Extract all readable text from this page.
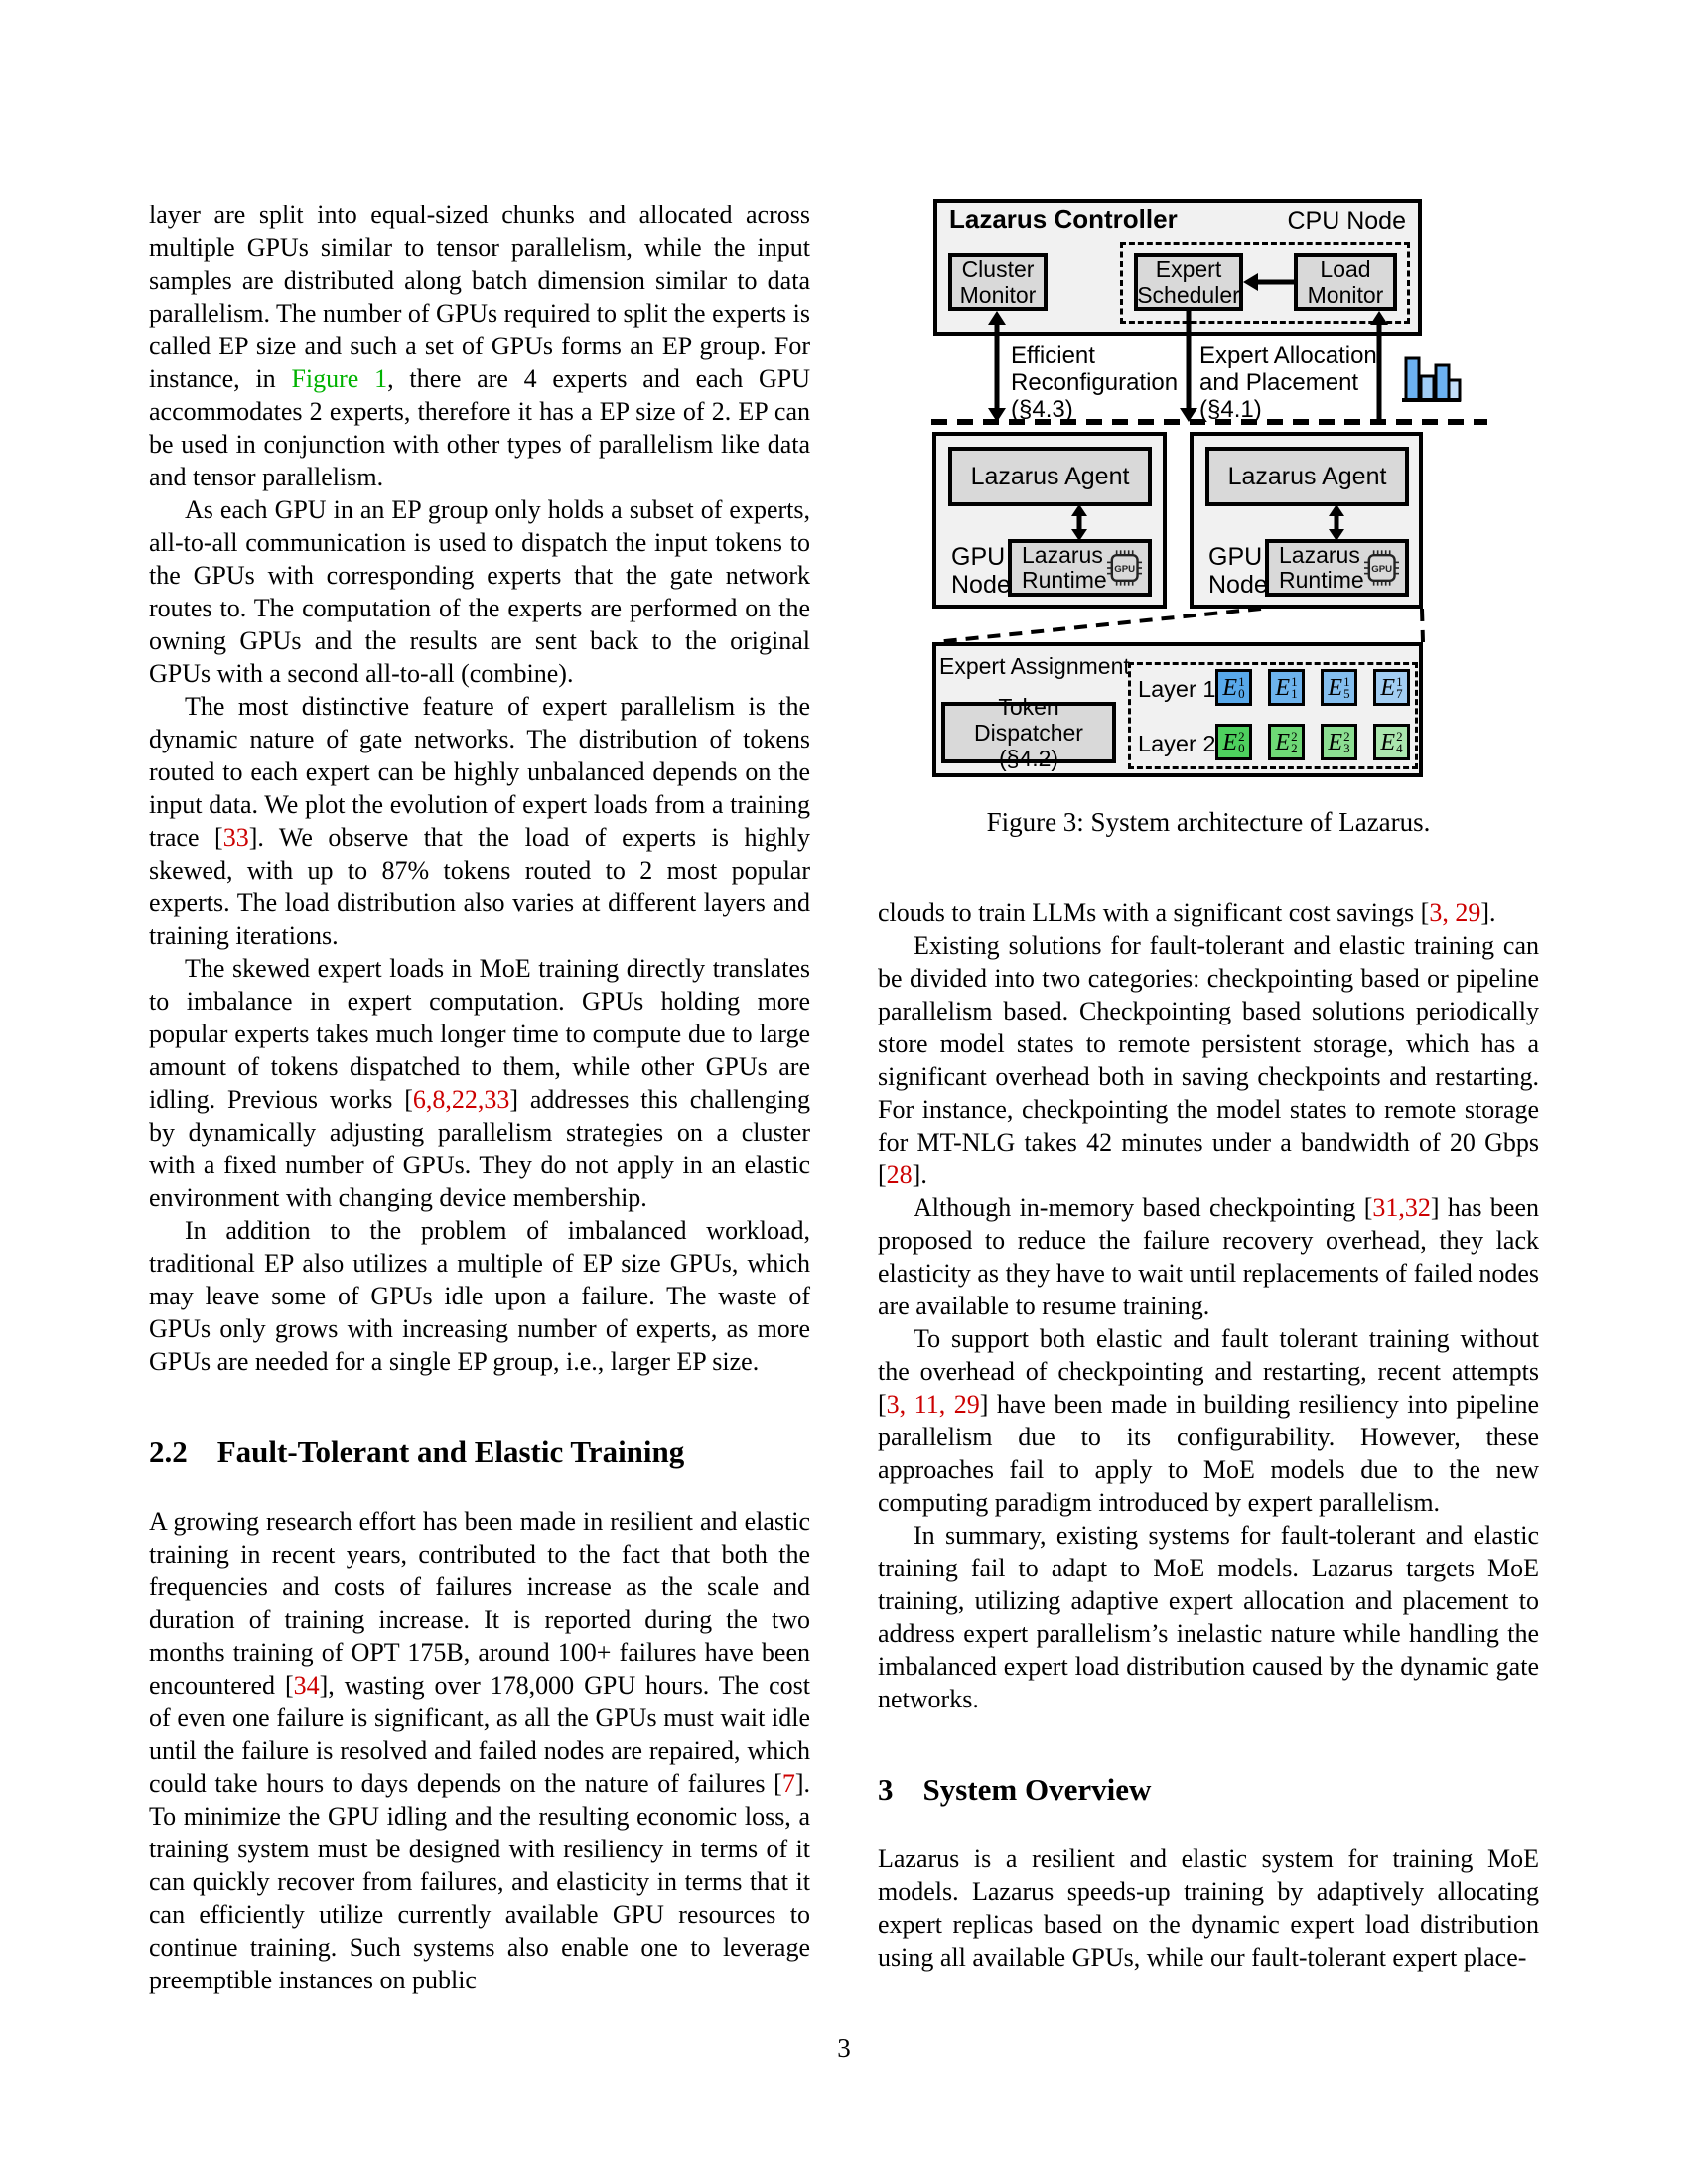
Lazarus Controller	CPU Node
Cluster
Monitor
Expert
Scheduler
Load
Monitor
Efficient
Reconfiguration
(§4.3)
Expert Allocation
and Placement
(§4.1)
Lazarus Agent
GPU
Node
Lazarus
Runtime GPU
Lazarus Agent
GPU
Node
Lazarus
Runtime GPU
Expert Assignment
Token Dispatcher
(§4.2)
Layer 1
Layer 2
E 1
0 E 1
1 E 1
5 E 1
7
E 2
0 E 2
2 E 2
3 E 2
4
Figure 3: System architecture of Lazarus.

layer are split into equal-sized chunks and allocated across multiple GPUs similar to tensor parallelism, while the input samples are distributed along batch dimension similar to data parallelism. The number of GPUs required to split the experts is called EP size and such a set of GPUs forms an EP group. For instance, in Figure 1, there are 4 experts and each GPU accommodates 2 experts, therefore it has a EP size of 2. EP can be used in conjunction with other types of parallelism like data and tensor parallelism.

As each GPU in an EP group only holds a subset of experts, all-to-all communication is used to dispatch the input tokens to the GPUs with corresponding experts that the gate network routes to. The computation of the experts are performed on the owning GPUs and the results are sent back to the original GPUs with a second all-to-all (combine).

The most distinctive feature of expert parallelism is the dynamic nature of gate networks. The distribution of tokens routed to each expert can be highly unbalanced depends on the input data. We plot the evolution of expert loads from a training trace [33]. We observe that the load of experts is highly skewed, with up to 87% tokens routed to 2 most popular experts. The load distribution also varies at different layers and training iterations.

The skewed expert loads in MoE training directly translates to imbalance in expert computation. GPUs holding more popular experts takes much longer time to compute due to large amount of tokens dispatched to them, while other GPUs are idling. Previous works [6,8,22,33] addresses this challenging by dynamically adjusting parallelism strategies on a cluster with a fixed number of GPUs. They do not apply in an elastic environment with changing device membership.

In addition to the problem of imbalanced workload, traditional EP also utilizes a multiple of EP size GPUs, which may leave some of GPUs idle upon a failure. The waste of GPUs only grows with increasing number of experts, as more GPUs are needed for a single EP group, i.e., larger EP size.

2.2 Fault-Tolerant and Elastic Training

A growing research effort has been made in resilient and elastic training in recent years, contributed to the fact that both the frequencies and costs of failures increase as the scale and duration of training increase. It is reported during the two months training of OPT 175B, around 100+ failures have been encountered [34], wasting over 178,000 GPU hours. The cost of even one failure is significant, as all the GPUs must wait idle until the failure is resolved and failed nodes are repaired, which could take hours to days depends on the nature of failures [7]. To minimize the GPU idling and the resulting economic loss, a training system must be designed with resiliency in terms of it can quickly recover from failures, and elasticity in terms that it can efficiently utilize currently available GPU resources to continue training. Such systems also enable one to leverage preemptible instances on public

clouds to train LLMs with a significant cost savings [3, 29].

Existing solutions for fault-tolerant and elastic training can be divided into two categories: checkpointing based or pipeline parallelism based. Checkpointing based solutions periodically store model states to remote persistent storage, which has a significant overhead both in saving checkpoints and restarting. For instance, checkpointing the model states to remote storage for MT-NLG takes 42 minutes under a bandwidth of 20 Gbps [28].

Although in-memory based checkpointing [31,32] has been proposed to reduce the failure recovery overhead, they lack elasticity as they have to wait until replacements of failed nodes are available to resume training.

To support both elastic and fault tolerant training without the overhead of checkpointing and restarting, recent attempts [3, 11, 29] have been made in building resiliency into pipeline parallelism due to its configurability. However, these approaches fail to apply to MoE models due to the new computing paradigm introduced by expert parallelism.

In summary, existing systems for fault-tolerant and elastic training fail to adapt to MoE models. Lazarus targets MoE training, utilizing adaptive expert allocation and placement to address expert parallelism’s inelastic nature while handling the imbalanced expert load distribution caused by the dynamic gate networks.

3 System Overview

Lazarus is a resilient and elastic system for training MoE models. Lazarus speeds-up training by adaptively allocating expert replicas based on the dynamic expert load distribution using all available GPUs, while our fault-tolerant expert place-

3
